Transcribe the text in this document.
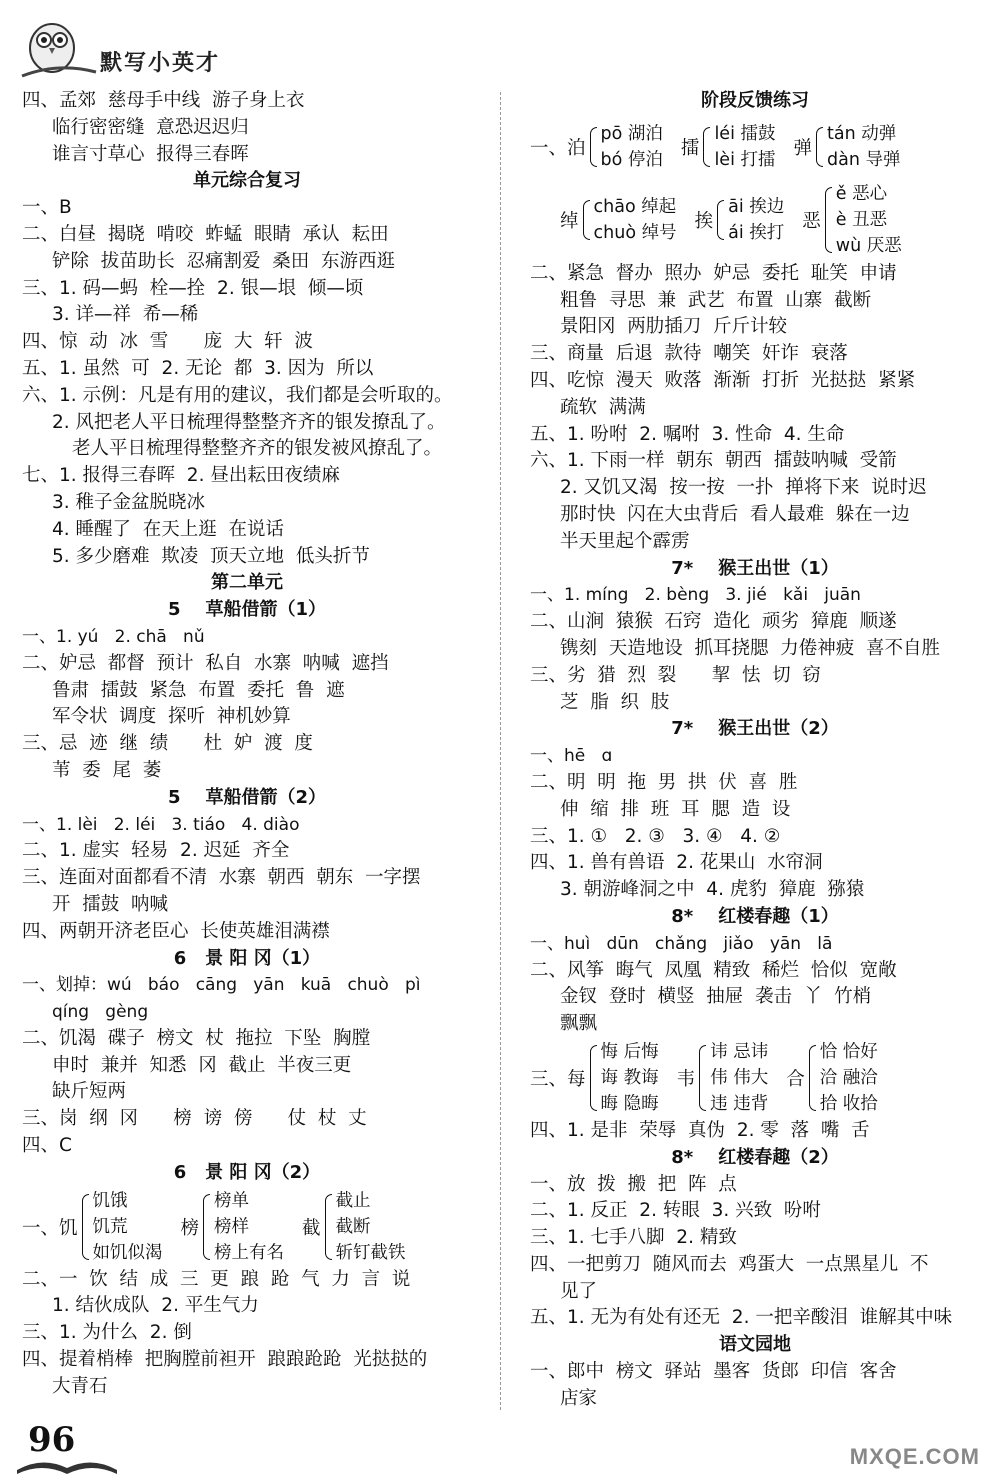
默写小英才
四、孟郊  慈母手中线  游子身上衣
临行密密缝  意恐迟迟归
谁言寸草心  报得三春晖
单元综合复习
一、B
二、白昼  揭晓  啃咬  蚱蜢  眼睛  承认  耘田
铲除  拔苗助长  忍痛割爱  桑田  东游西逛
三、1. 码—蚂  栓—拴  2. 银—垠  倾—顷
3. 详—祥  希—稀
四、惊  动  冰  雪      庞  大  轩  波
五、1. 虽然  可  2. 无论  都  3. 因为  所以
六、1. 示例：凡是有用的建议，我们都是会听取的。
2. 风把老人平日梳理得整整齐齐的银发撩乱了。
老人平日梳理得整整齐齐的银发被风撩乱了。
七、1. 报得三春晖  2. 昼出耘田夜绩麻
3. 稚子金盆脱晓冰
4. 睡醒了  在天上逛  在说话
5. 多少磨难  欺凌  顶天立地  低头折节
第二单元
5    草船借箭（1）
一、1. yú   2. chā   nǔ
二、妒忌  都督  预计  私自  水寨  呐喊  遮挡
鲁肃  擂鼓  紧急  布置  委托  鲁  遮
军令状  调度  探听  神机妙算
三、忌  迹  继  绩      杜  妒  渡  度
苇  委  尾  萎
5    草船借箭（2）
一、1. lèi   2. léi   3. tiáo   4. diào
二、1. 虚实  轻易  2. 迟延  齐全
三、连面对面都看不清  水寨  朝西  朝东  一字摆
开  擂鼓  呐喊
四、两朝开济老臣心  长使英雄泪满襟
6   景 阳 冈（1）
一、划掉：wú   báo   cāng   yān   kuā   chuò   pì
qíng   gèng
二、饥渴  碟子  榜文  杖  拖拉  下坠  胸膛
申时  兼并  知悉  冈  截止  半夜三更
缺斤短两
三、岗  纲  冈      榜  谤  傍      仗  杖  丈
四、C
6   景 阳 冈（2）
一、 饥
饥饿
饥荒
如饥似渴
榜
榜单
榜样
榜上有名
截
截止
截断
斩钉截铁
二、一  饮  结  成  三  更  踉  跄  气  力  言  说
1. 结伙成队  2. 平生气力
三、1. 为什么  2. 倒
四、提着梢棒  把胸膛前袒开  踉踉跄跄  光挞挞的
大青石
阶段反馈练习
一、 泊
pō 湖泊
bó 停泊
擂
léi 擂鼓
lèi 打擂
弹
tán 动弹
dàn 导弹
绰
chāo 绰起
chuò 绰号
挨
āi 挨边
ái 挨打
恶
ě 恶心
è 丑恶
wù 厌恶
二、紧急  督办  照办  妒忌  委托  耻笑  申请
粗鲁  寻思  兼  武艺  布置  山寨  截断
景阳冈  两肋插刀  斤斤计较
三、商量  后退  款待  嘲笑  奸诈  衰落
四、吃惊  漫天  败落  渐渐  打折  光挞挞  紧紧
疏软  满满
五、1. 吩咐  2. 嘱咐  3. 性命  4. 生命
六、1. 下雨一样  朝东  朝西  擂鼓呐喊  受箭
2. 又饥又渴  按一按  一扑  掸将下来  说时迟
那时快  闪在大虫背后  看人最难  躲在一边
半天里起个霹雳
7*    猴王出世（1）
一、1. míng   2. bèng   3. jié   kǎi   juān
二、山涧  猿猴  石窍  造化  顽劣  獐鹿  顺遂
镌刻  天造地设  抓耳挠腮  力倦神疲  喜不自胜
三、劣  猎  烈  裂      挈  怯  切  窃
芝  脂  织  肢
7*    猴王出世（2）
一、hē   ɑ
二、明  明  拖  男  拱  伏  喜  胜
伸  缩  排  班  耳  腮  造  设
三、1. ①   2. ③   3. ④   4. ②
四、1. 兽有兽语  2. 花果山  水帘洞
3. 朝游峰洞之中  4. 虎豹  獐鹿  猕猿
8*    红楼春趣（1）
一、huì   dūn   chǎng   jiǎo   yān   lā
二、风筝  晦气  凤凰  精致  稀烂  恰似  宽敞
金钗  登时  横竖  抽屉  袭击  丫  竹梢
飘飘
三、 每
悔 后悔
诲 教诲
晦 隐晦
韦
讳 忌讳
伟 伟大
违 违背
合
恰 恰好
洽 融洽
拾 收拾
四、1. 是非  荣辱  真伪  2. 零  落  嘴  舌
8*    红楼春趣（2）
一、放  拨  搬  把  阵  点
二、1. 反正  2. 转眼  3. 兴致  吩咐
三、1. 七手八脚  2. 精致
四、一把剪刀  随风而去  鸡蛋大  一点黑星儿  不
见了
五、1. 无为有处有还无  2. 一把辛酸泪  谁解其中味
语文园地
一、郎中  榜文  驿站  墨客  货郎  印信  客舍
店家
96	MXQE.COM
